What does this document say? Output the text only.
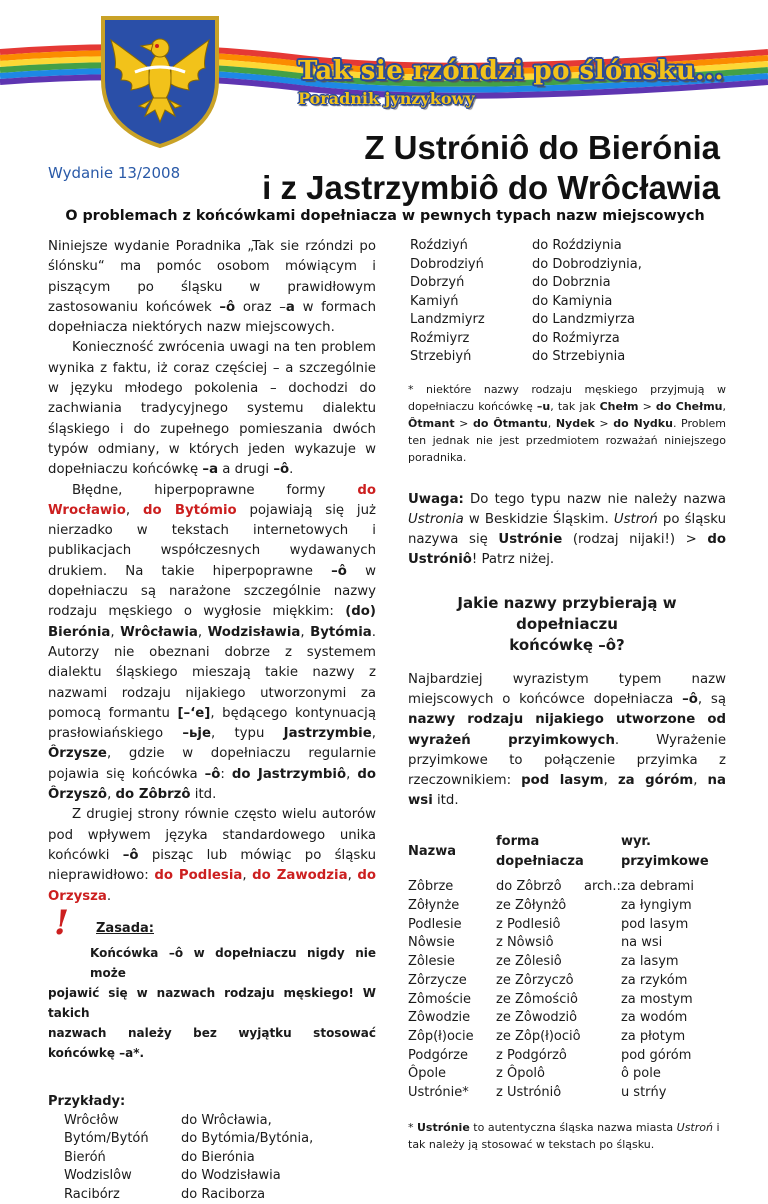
Tak sie rzóndzi po ślónsku...
Poradnik jynzykowy
Wydanie 13/2008
Z Ustróniô do Bierónia
i z Jastrzymbiô do Wrôcławia
O problemach z końcówkami dopełniacza w pewnych typach nazw miejscowych

Niniejsze wydanie Poradnika „Tak sie rzóndzi po ślónsku“ ma pomóc osobom mówiącym i piszącym po śląsku w prawidłowym zastosowaniu końcówek –ô oraz –a w formach dopełniacza niektórych nazw miejscowych.

Konieczność zwrócenia uwagi na ten problem wynika z faktu, iż coraz częściej – a szczególnie w języku młodego pokolenia – dochodzi do zachwiania tradycyjnego systemu dialektu śląskiego i do zupełnego pomieszania dwóch typów odmiany, w których jeden wykazuje w dopełniaczu końcówkę –a a drugi –ô.

Błędne, hiperpoprawne formy do Wrocławio, do Bytómio pojawiają się już nierzadko w tekstach internetowych i publikacjach współczesnych wydawanych drukiem. Na takie hiperpoprawne –ô w dopełniaczu są narażone szczególnie nazwy rodzaju męskiego o wygłosie miękkim: (do) Bierónia, Wrôcławia, Wodzisławia, Bytómia. Autorzy nie obeznani dobrze z systemem dialektu śląskiego mieszają takie nazwy z nazwami rodzaju nijakiego utworzonymi za pomocą formantu [–‘e], będącego kontynuacją prasłowiańskiego –ьje, typu Jastrzymbie, Ôrzysze, gdzie w dopełniaczu regularnie pojawia się końcówka –ô: do Jastrzymbiô, do Ôrzyszô, do Zôbrzô itd.

Z drugiej strony równie często wielu autorów pod wpływem języka standardowego unika końcówki –ô pisząc lub mówiąc po śląsku nieprawidłowo: do Podlesia, do Zawodzia, do Orzysza.

! Zasada:
Końcówka –ô w dopełniaczu nigdy nie może
pojawić się w nazwach rodzaju męskiego! W takich
nazwach należy bez wyjątku stosować końcówkę –a*.
Przykłady:
Wrôcłôw	do Wrôcławia,
Bytóm/Bytóń	do Bytómia/Bytónia,
Bieróń	do Bierónia
Wodzislôw	do Wodzisławia
Racibórz	do Raciborza
Roździyń	do Roździynia
Dobrodziyń	do Dobrodziynia,
Dobrzyń	do Dobrznia
Kamiyń	do Kamiynia
Landzmiyrz	do Landzmiyrza
Roźmiyrz	do Roźmiyrza
Strzebiyń	do Strzebiynia
* niektóre nazwy rodzaju męskiego przyjmują w dopełniaczu końcówkę –u, tak jak Chełm > do Chełmu, Ôtmant > do Ôtmantu, Nydek > do Nydku. Problem ten jednak nie jest przedmiotem rozważań niniejszego poradnika.
Uwaga: Do tego typu nazw nie należy nazwa Ustronia w Beskidzie Śląskim. Ustroń po śląsku nazywa się Ustrónie (rodzaj nijaki!) > do Ustróniô! Patrz niżej.
Jakie nazwy przybierają w dopełniaczu
końcówkę –ô?
Najbardziej wyrazistym typem nazw miejscowych o końcówce dopełniacza –ô, są nazwy rodzaju nijakiego utworzone od wyrażeń przyimkowych. Wyrażenie przyimkowe to połączenie przyimka z rzeczownikiem: pod lasym, za góróm, na wsi itd.
Nazwa	forma dopełniacza		wyr. przyimkowe
Zôbrze	do Zôbrzô	arch.:	za debrami
Zôłynże	ze Zôłynżô		za łyngiym
Podlesie	z Podlesiô		pod lasym
Nôwsie	z Nôwsiô		na wsi
Zôlesie	ze Zôlesiô		za lasym
Zôrzycze	ze Zôrzyczô		za rzykóm
Zômoście	ze Zômościô		za mostym
Zôwodzie	ze Zôwodziô		za wodóm
Zôp(ł)ocie	ze Zôp(ł)ociô		za płotym
Podgórze	z Podgórzô		pod góróm
Ôpole	z Ôpolô		ô pole
Ustrónie*	z Ustróniô		u strńy
* Ustrónie to autentyczna śląska nazwa miasta Ustroń i tak należy ją stosować w tekstach po śląsku.
